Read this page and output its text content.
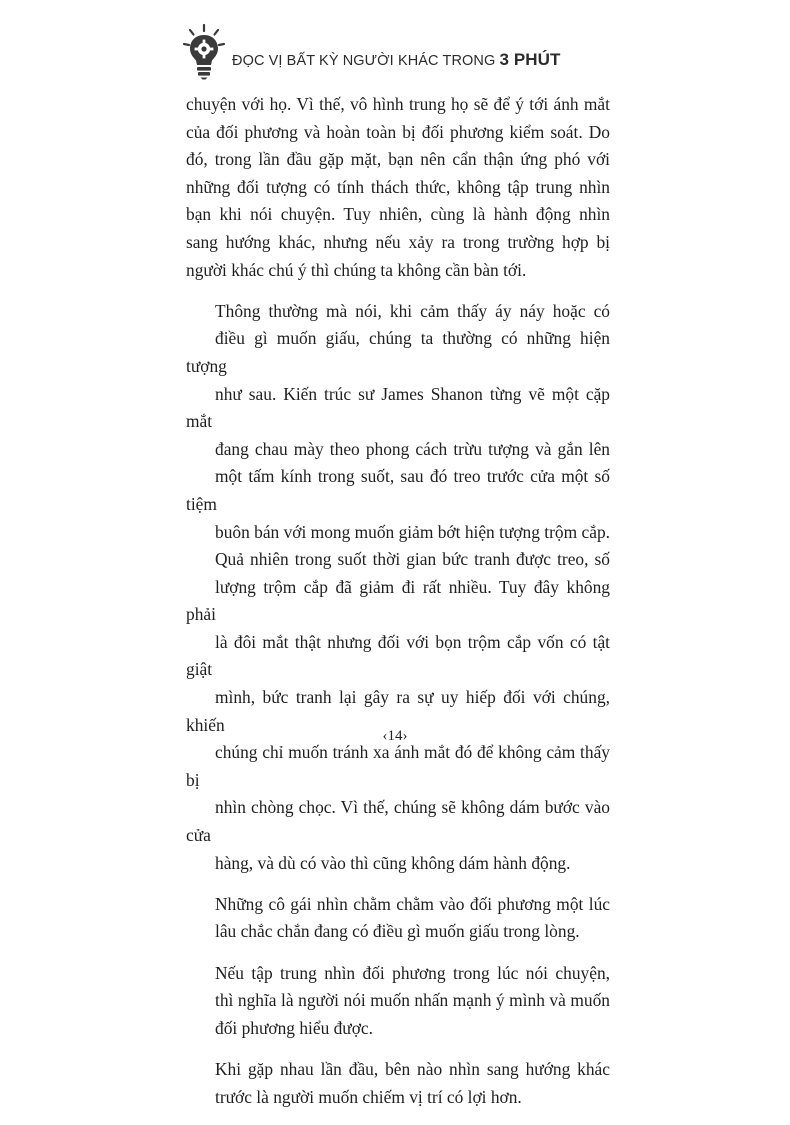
ĐỌC VỊ BẤT KỲ NGƯỜI KHÁC TRONG 3 PHÚT

chuyện với họ. Vì thế, vô hình trung họ sẽ để ý tới ánh mắt
của đối phương và hoàn toàn bị đối phương kiểm soát. Do
đó, trong lần đầu gặp mặt, bạn nên cẩn thận ứng phó với
những đối tượng có tính thách thức, không tập trung nhìn
bạn khi nói chuyện. Tuy nhiên, cùng là hành động nhìn
sang hướng khác, nhưng nếu xảy ra trong trường hợp bị
người khác chú ý thì chúng ta không cần bàn tới.

Thông thường mà nói, khi cảm thấy áy náy hoặc có
điều gì muốn giấu, chúng ta thường có những hiện tượng
như sau. Kiến trúc sư James Shanon từng vẽ một cặp mắt
đang chau mày theo phong cách trừu tượng và gắn lên
một tấm kính trong suốt, sau đó treo trước cửa một số tiệm
buôn bán với mong muốn giảm bớt hiện tượng trộm cắp.
Quả nhiên trong suốt thời gian bức tranh được treo, số
lượng trộm cắp đã giảm đi rất nhiều. Tuy đây không phải
là đôi mắt thật nhưng đối với bọn trộm cắp vốn có tật giật
mình, bức tranh lại gây ra sự uy hiếp đối với chúng, khiến
chúng chỉ muốn tránh xa ánh mắt đó để không cảm thấy bị
nhìn chòng chọc. Vì thế, chúng sẽ không dám bước vào cửa
hàng, và dù có vào thì cũng không dám hành động.

Những cô gái nhìn chằm chằm vào đối phương một lúc
lâu chắc chắn đang có điều gì muốn giấu trong lòng.

Nếu tập trung nhìn đối phương trong lúc nói chuyện,
thì nghĩa là người nói muốn nhấn mạnh ý mình và muốn
đối phương hiểu được.

Khi gặp nhau lần đầu, bên nào nhìn sang hướng khác
trước là người muốn chiếm vị trí có lợi hơn.

‹14›
